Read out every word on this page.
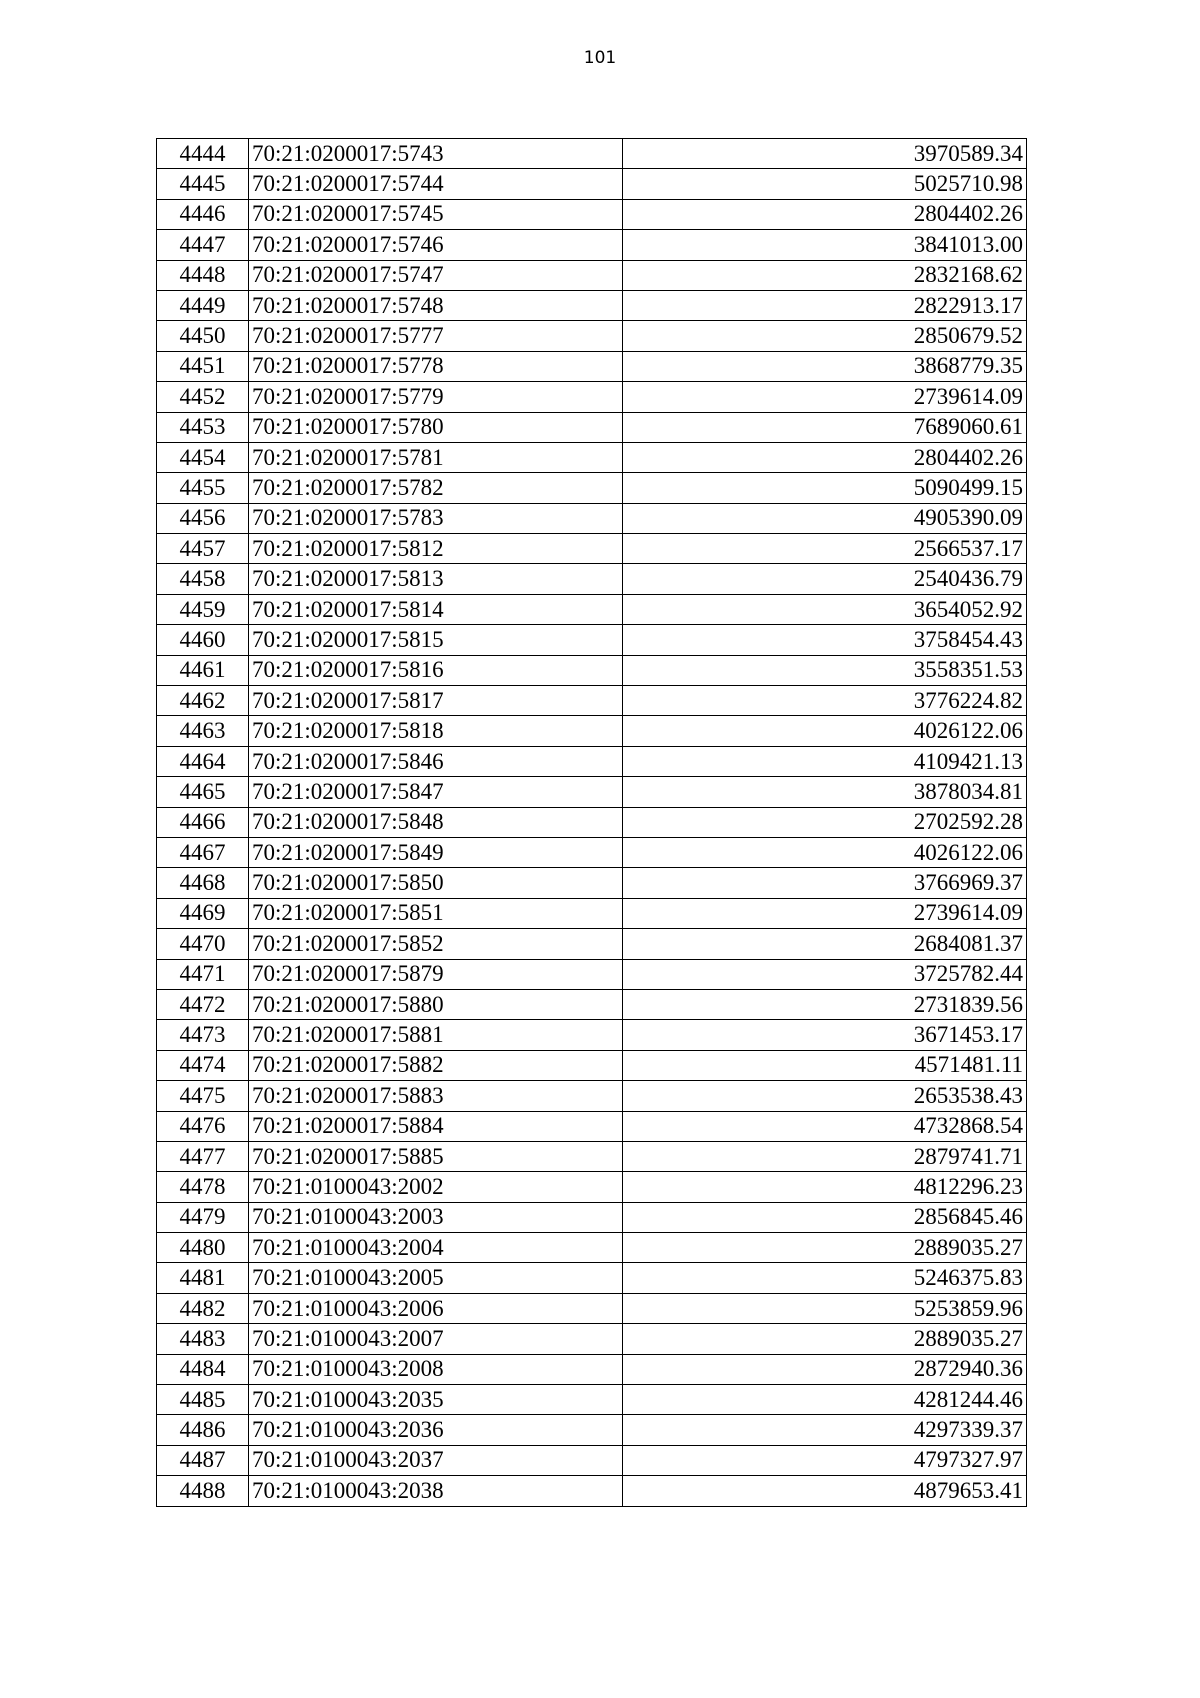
101
4444	70:21:0200017:5743	3970589.34
4445	70:21:0200017:5744	5025710.98
4446	70:21:0200017:5745	2804402.26
4447	70:21:0200017:5746	3841013.00
4448	70:21:0200017:5747	2832168.62
4449	70:21:0200017:5748	2822913.17
4450	70:21:0200017:5777	2850679.52
4451	70:21:0200017:5778	3868779.35
4452	70:21:0200017:5779	2739614.09
4453	70:21:0200017:5780	7689060.61
4454	70:21:0200017:5781	2804402.26
4455	70:21:0200017:5782	5090499.15
4456	70:21:0200017:5783	4905390.09
4457	70:21:0200017:5812	2566537.17
4458	70:21:0200017:5813	2540436.79
4459	70:21:0200017:5814	3654052.92
4460	70:21:0200017:5815	3758454.43
4461	70:21:0200017:5816	3558351.53
4462	70:21:0200017:5817	3776224.82
4463	70:21:0200017:5818	4026122.06
4464	70:21:0200017:5846	4109421.13
4465	70:21:0200017:5847	3878034.81
4466	70:21:0200017:5848	2702592.28
4467	70:21:0200017:5849	4026122.06
4468	70:21:0200017:5850	3766969.37
4469	70:21:0200017:5851	2739614.09
4470	70:21:0200017:5852	2684081.37
4471	70:21:0200017:5879	3725782.44
4472	70:21:0200017:5880	2731839.56
4473	70:21:0200017:5881	3671453.17
4474	70:21:0200017:5882	4571481.11
4475	70:21:0200017:5883	2653538.43
4476	70:21:0200017:5884	4732868.54
4477	70:21:0200017:5885	2879741.71
4478	70:21:0100043:2002	4812296.23
4479	70:21:0100043:2003	2856845.46
4480	70:21:0100043:2004	2889035.27
4481	70:21:0100043:2005	5246375.83
4482	70:21:0100043:2006	5253859.96
4483	70:21:0100043:2007	2889035.27
4484	70:21:0100043:2008	2872940.36
4485	70:21:0100043:2035	4281244.46
4486	70:21:0100043:2036	4297339.37
4487	70:21:0100043:2037	4797327.97
4488	70:21:0100043:2038	4879653.41
